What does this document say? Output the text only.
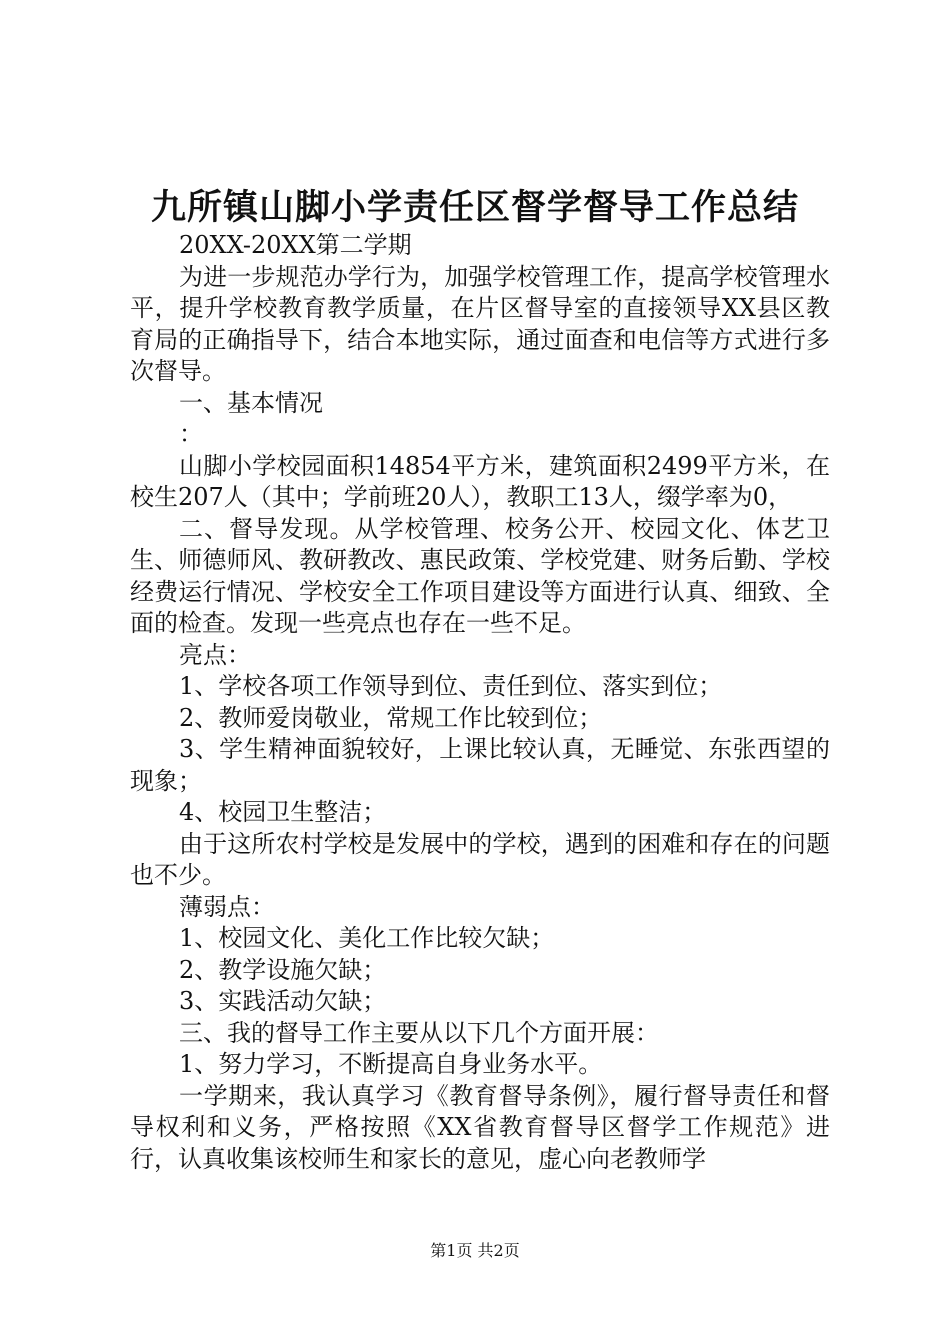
九所镇山脚小学责任区督学督导工作总结

20XX-20XX第二学期

为进一步规范办学行为，加强学校管理工作，提高学校管理水平，提升学校教育教学质量，在片区督导室的直接领导XX县区教育局的正确指导下，结合本地实际，通过面查和电信等方式进行多次督导。

一、基本情况

：

山脚小学校园面积14854平方米，建筑面积2499平方米，在校生207人（其中；学前班20人），教职工13人，缀学率为0，

二、督导发现。从学校管理、校务公开、校园文化、体艺卫生、师德师风、教研教改、惠民政策、学校党建、财务后勤、学校经费运行情况、学校安全工作项目建设等方面进行认真、细致、全面的检查。发现一些亮点也存在一些不足。

亮点：

1、学校各项工作领导到位、责任到位、落实到位；

2、教师爱岗敬业，常规工作比较到位；

3、学生精神面貌较好，上课比较认真，无睡觉、东张西望的现象；

4、校园卫生整洁；

由于这所农村学校是发展中的学校，遇到的困难和存在的问题也不少。

薄弱点：

1、校园文化、美化工作比较欠缺；

2、教学设施欠缺；

3、实践活动欠缺；

三、我的督导工作主要从以下几个方面开展：

1、努力学习，不断提高自身业务水平。

一学期来，我认真学习《教育督导条例》，履行督导责任和督导权利和义务，严格按照《XX省教育督导区督学工作规范》进行，认真收集该校师生和家长的意见，虚心向老教师学

第1页 共2页
